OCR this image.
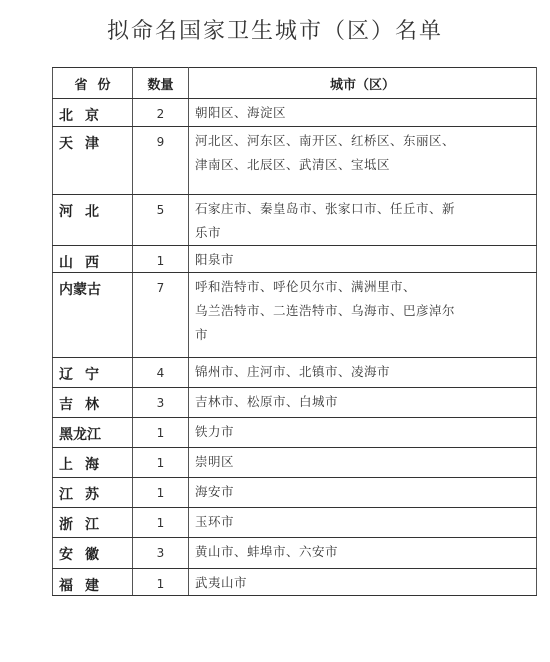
拟命名国家卫生城市（区）名单
省份	数量	城市（区）
北京	2	朝阳区、海淀区

天津	9	河北区、河东区、南开区、红桥区、东丽区、
津南区、北辰区、武清区、宝坻区

河北	5	石家庄市、秦皇岛市、张家口市、任丘市、新
乐市

山西	1	阳泉市

内蒙古	7	呼和浩特市、呼伦贝尔市、满洲里市、
乌兰浩特市、二连浩特市、乌海市、巴彦淖尔
市

辽宁	4	锦州市、庄河市、北镇市、凌海市

吉林	3	吉林市、松原市、白城市

黑龙江	1	铁力市

上海	1	崇明区

江苏	1	海安市

浙江	1	玉环市

安徽	3	黄山市、蚌埠市、六安市

福建	1	武夷山市
